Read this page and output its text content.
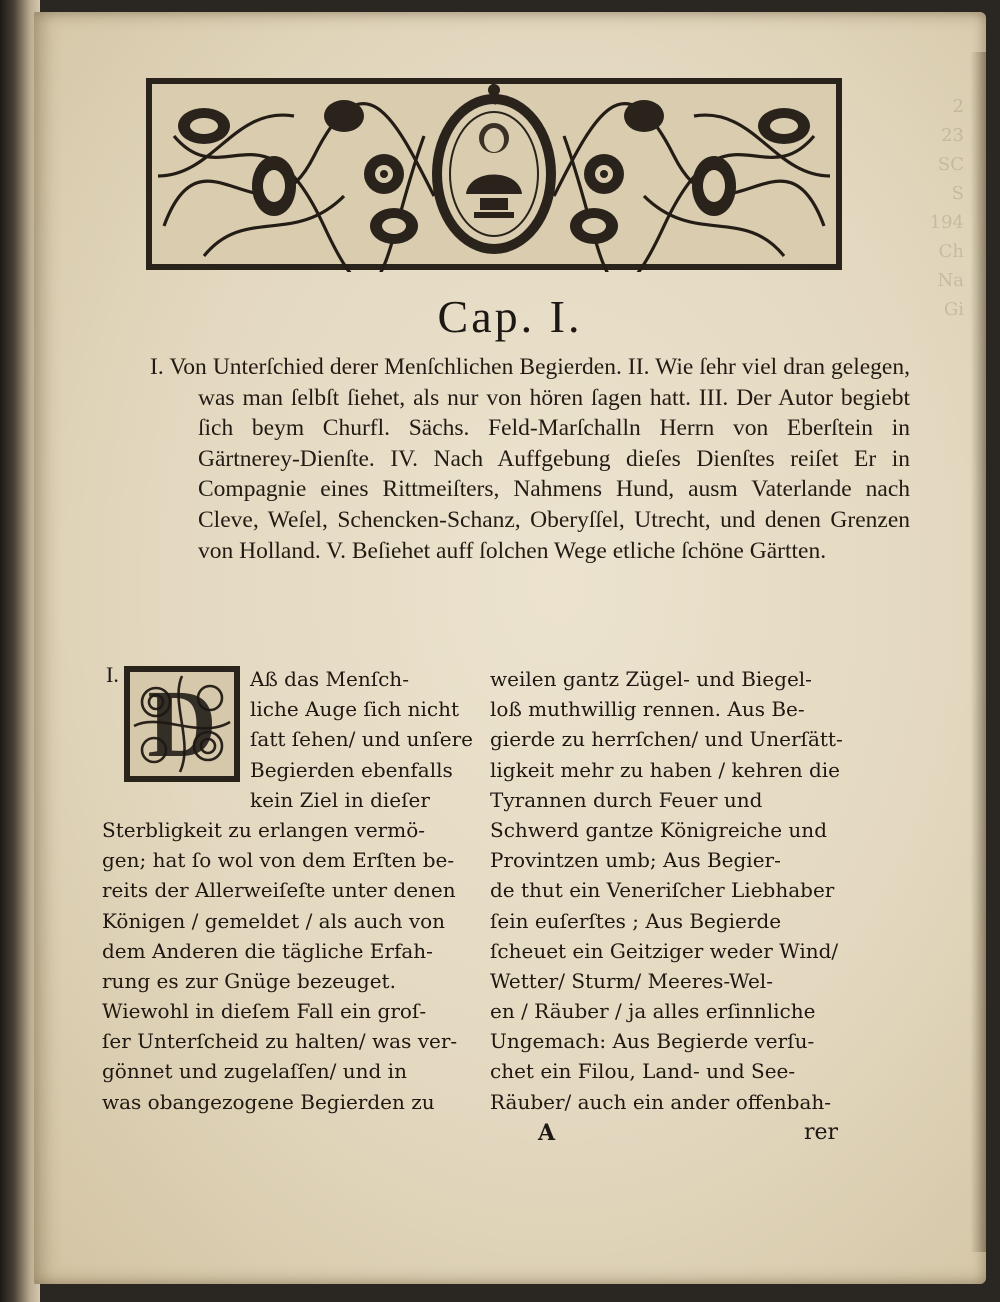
2
23
SC
S
194
Ch
Na
Gi
Cap. I.
I. Von Unterſchied derer Menſchlichen Begierden. II. Wie ſehr viel dran gelegen, was man ſelbſt ſiehet, als nur von hören ſagen hatt. III. Der Autor begiebt ſich beym Churfl. Sächs. Feld-Marſchalln Herrn von Eberſtein in Gärtnerey-Dienſte. IV. Nach Auffgebung dieſes Dienſtes reiſet Er in Compagnie eines Rittmeiſters, Nahmens Hund, ausm Vaterlande nach Cleve, Weſel, Schencken-Schanz, Oberyſſel, Utrecht, und denen Grenzen von Holland. V. Beſiehet auff ſolchen Wege etliche ſchöne Gärtten.
I. D	Aß das Menſch-
liche Auge ſich nicht
ſatt ſehen/ und unſere
Begierden ebenfalls
kein Ziel in dieſer
Sterbligkeit zu erlangen vermö-
gen; hat ſo wol von dem Erſten be-
reits der Allerweiſeſte unter denen
Königen / gemeldet / als auch von
dem Anderen die tägliche Erfah-
rung es zur Gnüge bezeuget.
Wiewohl in dieſem Fall ein groſ-
ſer Unterſcheid zu halten/ was ver-
gönnet und zugelaſſen/ und in
was obangezogene Begierden zu
weilen gantz Zügel- und Biegel-
loß muthwillig rennen. Aus Be-
gierde zu herrſchen/ und Unerſätt-
ligkeit mehr zu haben / kehren die
Tyrannen durch Feuer und
Schwerd gantze Königreiche und
Provintzen umb; Aus Begier-
de thut ein Veneriſcher Liebhaber
ſein euſerſtes ; Aus Begierde
ſcheuet ein Geitziger weder Wind/
Wetter/ Sturm/ Meeres-Wel-
en / Räuber / ja alles erſinnliche
Ungemach: Aus Begierde verſu-
chet ein Filou, Land- und See-
Räuber/ auch ein ander offenbah-
A	rer
